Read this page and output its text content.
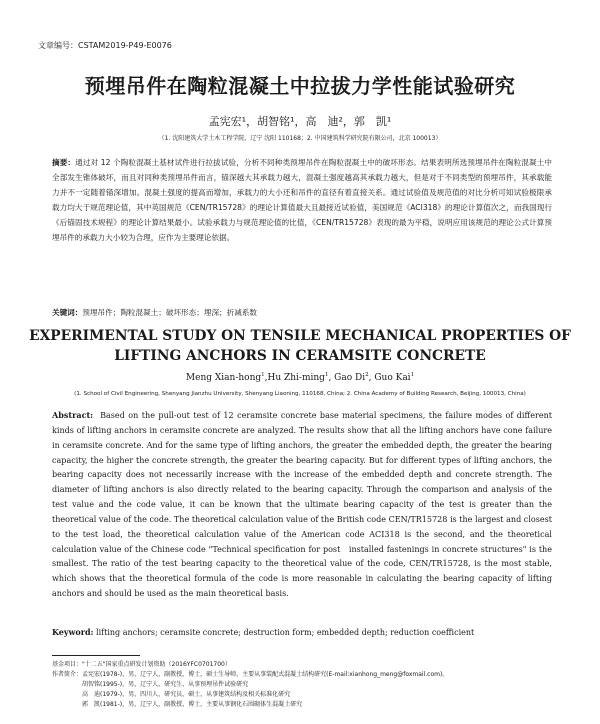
文章编号：CSTAM2019-P49-E0076
预埋吊件在陶粒混凝土中拉拔力学性能试验研究
孟宪宏¹，胡智铭¹，高　迪²，郭　凯¹
（1. 沈阳建筑大学土木工程学院，辽宁 沈阳 110168；2. 中国建筑科学研究院有限公司，北京 100013）
摘要：通过对 12 个陶粒混凝土基材试件进行拉拔试验，分析不同种类预埋吊件在陶粒混凝土中的破坏形态。结果表明所选预埋吊件在陶粒混凝土中全部发生锥体破坏，而且对同种类预埋吊件而言，锚深越大其承载力越大，混凝土强度越高其承载力越大，但是对于不同类型的预埋吊件，其承载能力并不一定随着锚深增加。混凝土强度的提高而增加，承载力的大小还和吊件的直径有着直接关系。通过试验值及规范值的对比分析可知试验极限承载力均大于规范理论值，其中英国规范《CEN/TR15728》的理论计算值最大且最接近试验值，美国规范《ACI318》的理论计算值次之，而我国现行《后锚固技术规程》的理论计算结果最小。试验承载力与规范理论值的比值，《CEN/TR15728》表现的最为平稳，说明应用该规范的理论公式计算预埋吊件的承载力大小较为合理，应作为主要理论依据。
关键词：预埋吊件；陶粒混凝土；破坏形态；埋深；折减系数
EXPERIMENTAL STUDY ON TENSILE MECHANICAL PROPERTIES OF
LIFTING ANCHORS IN CERAMSITE CONCRETE
Meng Xian-hong$^1$,Hu Zhi-ming$^1$, Gao Di$^2$, Guo Kai$^1$
(1. School of Civil Engineering, Shenyang Jianzhu University, Shenyang Liaoning, 110168, China; 2. China Academy of Building Research, Beijing, 100013, China)
Abstract: Based on the pull-out test of 12 ceramsite concrete base material specimens, the failure modes of different kinds of lifting anchors in ceramsite concrete are analyzed. The results show that all the lifting anchors have cone failure in ceramsite concrete. And for the same type of lifting anchors, the greater the embedded depth, the greater the bearing capacity, the higher the concrete strength, the greater the bearing capacity. But for different types of lifting anchors, the bearing capacity does not necessarily increase with the increase of the embedded depth and concrete strength. The diameter of lifting anchors is also directly related to the bearing capacity. Through the comparison and analysis of the test value and the code value, it can be known that the ultimate bearing capacity of the test is greater than the theoretical value of the code. The theoretical calculation value of the British code CEN/TR15728 is the largest and closest to the test load, the theoretical calculation value of the American code ACI318 is the second, and the theoretical calculation value of the Chinese code "Technical specification for post　installed fastenings in concrete structures" is the smallest. The ratio of the test bearing capacity to the theoretical value of the code, CEN/TR15728, is the most stable, which shows that the theoretical formula of the code is more reasonable in calculating the bearing capacity of lifting anchors and should be used as the main theoretical basis.
Keyword: lifting anchors; ceramsite concrete; destruction form; embedded depth; reduction coefficient
基金项目："十二五"国家重点研发计划资助（2016YFC0701700）
作者简介：孟宪宏(1978-)，男，辽宁人，副教授，博士，硕士生导师，主要从事装配式混凝土结构研究(E-mail:xianhong_meng@foxmail.com)。
胡智铭(1995-)，男，辽宁人，研究生，从事预埋吊件试验研究
高　迪(1979-)，男，四川人，研究员，硕士，从事建筑结构及相关标准化研究
郭　凯(1981-)，男，辽宁人，副教授，博士，主要从事钢化石围砌体生混凝土研究
